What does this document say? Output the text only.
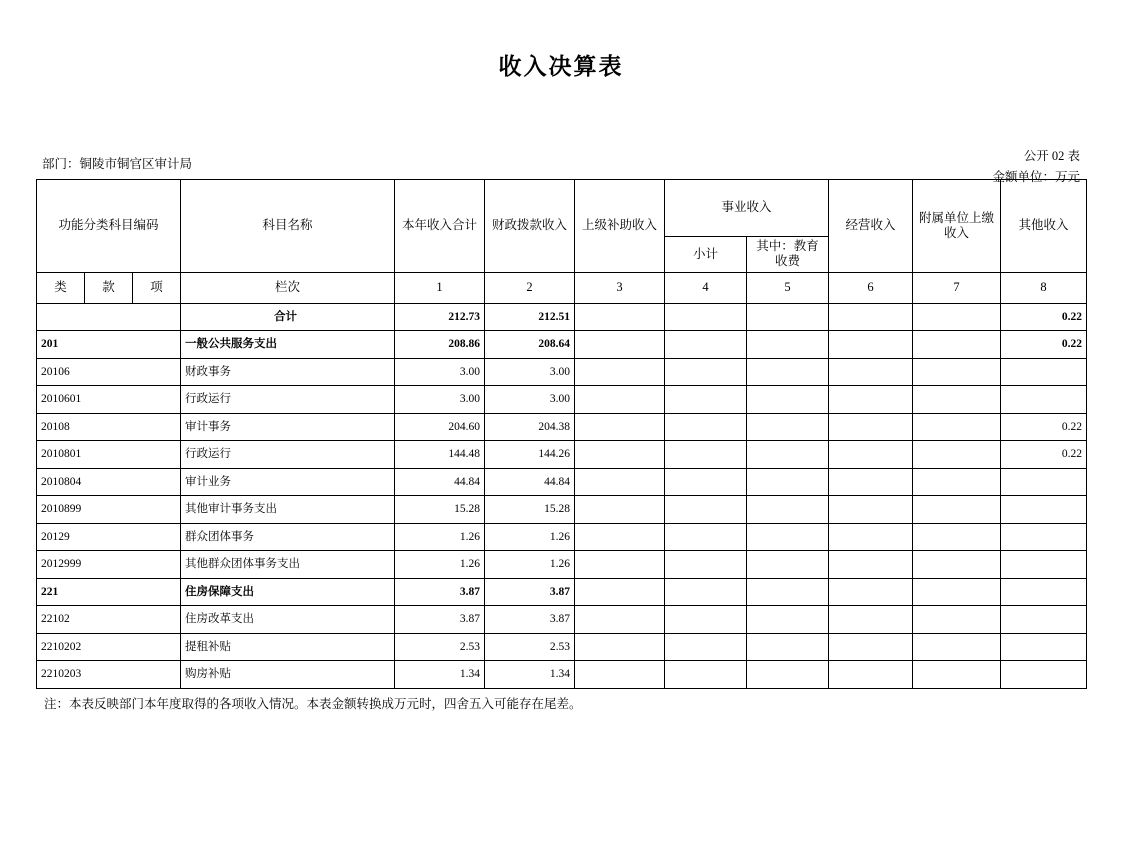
收入决算表
公开 02 表
金额单位：万元
部门：铜陵市铜官区审计局
功能分类科目编码			科目名称	本年收入合计	财政拨款收入	上级补助收入	事业收入		经营收入	附属单位上缴收入	其他收入
							小计	其中：教育收费			
类	款	项	栏次	1	2	3	4	5	6	7	8
			合计	212.73	212.51						0.22
201			一般公共服务支出	208.86	208.64						0.22
20106			财政事务	3.00	3.00						
2010601			行政运行	3.00	3.00						
20108			审计事务	204.60	204.38						0.22
2010801			行政运行	144.48	144.26						0.22
2010804			审计业务	44.84	44.84						
2010899			其他审计事务支出	15.28	15.28						
20129			群众团体事务	1.26	1.26						
2012999			其他群众团体事务支出	1.26	1.26						
221			住房保障支出	3.87	3.87						
22102			住房改革支出	3.87	3.87						
2210202			提租补贴	2.53	2.53						
2210203			购房补贴	1.34	1.34						
注：本表反映部门本年度取得的各项收入情况。本表金额转换成万元时，四舍五入可能存在尾差。
